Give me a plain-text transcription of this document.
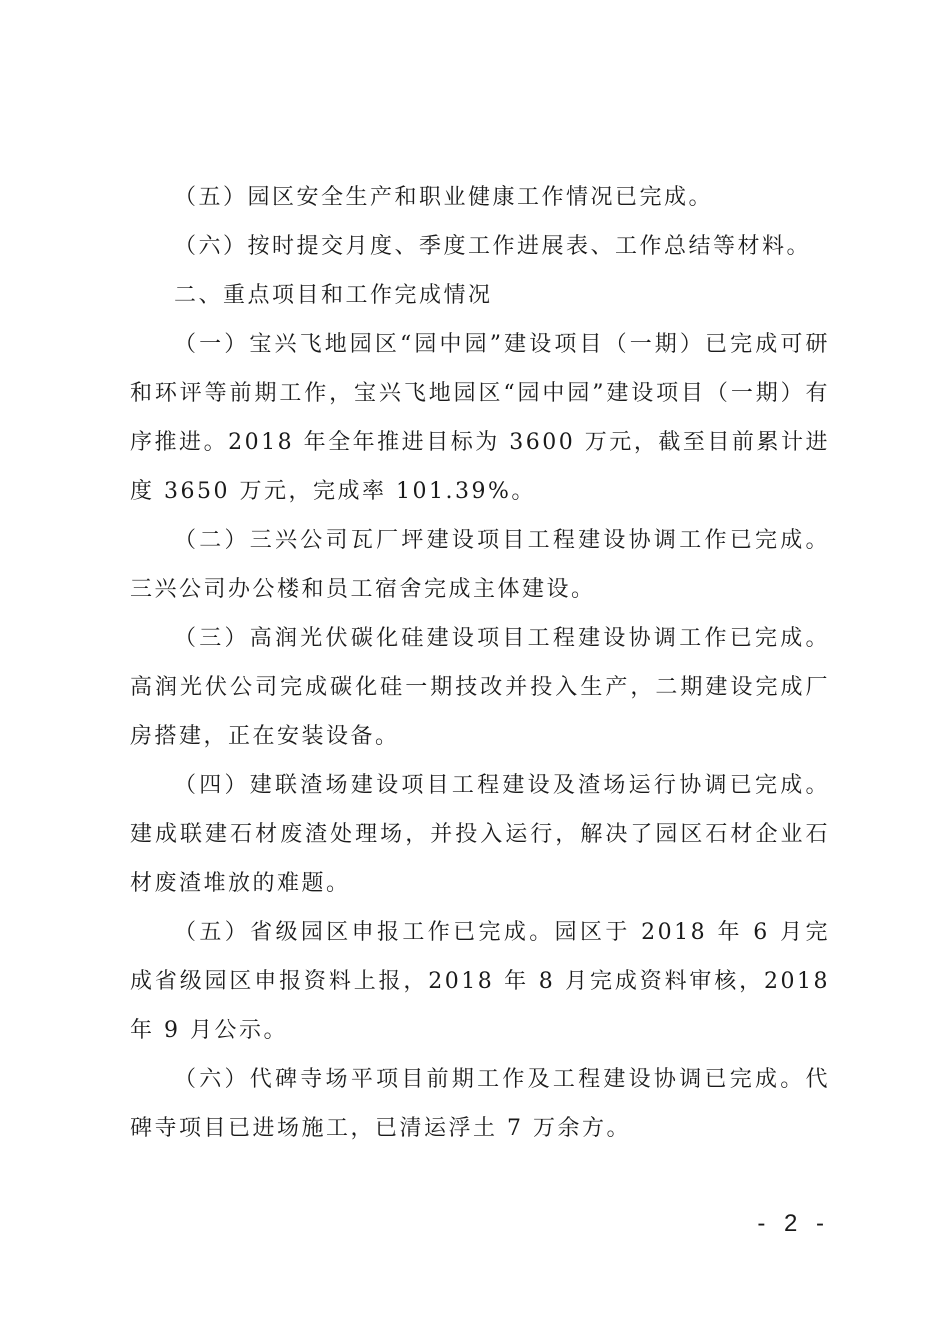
（五）园区安全生产和职业健康工作情况已完成。

（六）按时提交月度、季度工作进展表、工作总结等材料。

二、重点项目和工作完成情况

（一）宝兴飞地园区“园中园”建设项目（一期）已完成可研和环评等前期工作，宝兴飞地园区“园中园”建设项目（一期）有序推进。2018 年全年推进目标为 3600 万元，截至目前累计进度 3650 万元，完成率 101.39%。

（二）三兴公司瓦厂坪建设项目工程建设协调工作已完成。三兴公司办公楼和员工宿舍完成主体建设。

（三）高润光伏碳化硅建设项目工程建设协调工作已完成。高润光伏公司完成碳化硅一期技改并投入生产，二期建设完成厂房搭建，正在安装设备。

（四）建联渣场建设项目工程建设及渣场运行协调已完成。建成联建石材废渣处理场，并投入运行，解决了园区石材企业石材废渣堆放的难题。

（五）省级园区申报工作已完成。园区于 2018 年 6 月完成省级园区申报资料上报，2018 年 8 月完成资料审核，2018 年 9 月公示。

（六）代碑寺场平项目前期工作及工程建设协调已完成。代碑寺项目已进场施工，已清运浮土 7 万余方。

- 2 -
